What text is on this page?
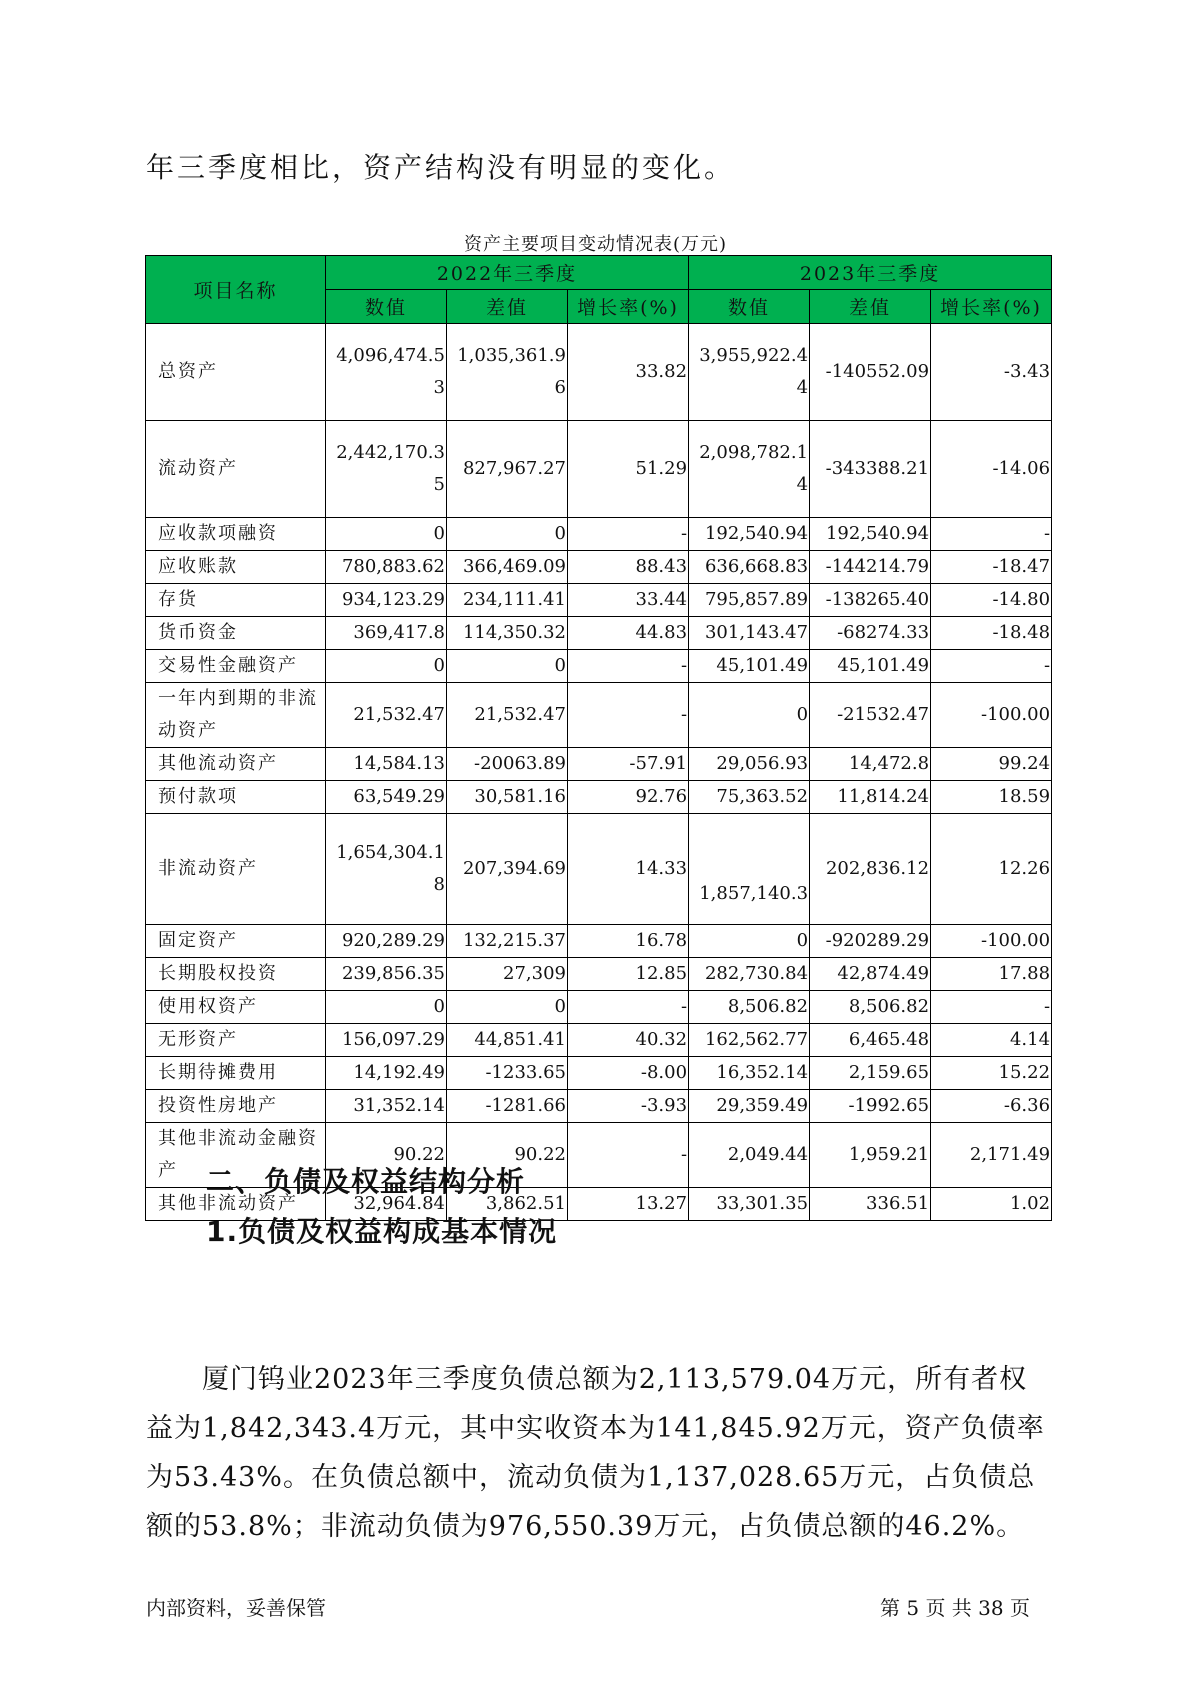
年三季度相比，资产结构没有明显的变化。
资产主要项目变动情况表(万元)
项目名称	2022年三季度			2023年三季度		
	数值	差值	增长率(%)	数值	差值	增长率(%)
总资产	4,096,474.53	1,035,361.96	33.82	3,955,922.44	-140552.09	-3.43
流动资产	2,442,170.35	827,967.27	51.29	2,098,782.14	-343388.21	-14.06
应收款项融资	0	0	-	192,540.94	192,540.94	-
应收账款	780,883.62	366,469.09	88.43	636,668.83	-144214.79	-18.47
存货	934,123.29	234,111.41	33.44	795,857.89	-138265.40	-14.80
货币资金	369,417.8	114,350.32	44.83	301,143.47	-68274.33	-18.48
交易性金融资产	0	0	-	45,101.49	45,101.49	-
一年内到期的非流动资产	21,532.47	21,532.47	-	0	-21532.47	-100.00
其他流动资产	14,584.13	-20063.89	-57.91	29,056.93	14,472.8	99.24
预付款项	63,549.29	30,581.16	92.76	75,363.52	11,814.24	18.59
非流动资产	1,654,304.18	207,394.69	14.33	1,857,140.3	202,836.12	12.26
固定资产	920,289.29	132,215.37	16.78	0	-920289.29	-100.00
长期股权投资	239,856.35	27,309	12.85	282,730.84	42,874.49	17.88
使用权资产	0	0	-	8,506.82	8,506.82	-
无形资产	156,097.29	44,851.41	40.32	162,562.77	6,465.48	4.14
长期待摊费用	14,192.49	-1233.65	-8.00	16,352.14	2,159.65	15.22
投资性房地产	31,352.14	-1281.66	-3.93	29,359.49	-1992.65	-6.36
其他非流动金融资产	90.22	90.22	-	2,049.44	1,959.21	2,171.49
其他非流动资产	32,964.84	3,862.51	13.27	33,301.35	336.51	1.02
二、负债及权益结构分析
1.负债及权益构成基本情况
厦门钨业2023年三季度负债总额为2,113,579.04万元，所有者权益为1,842,343.4万元，其中实收资本为141,845.92万元，资产负债率为53.43%。在负债总额中，流动负债为1,137,028.65万元，占负债总额的53.8%；非流动负债为976,550.39万元，占负债总额的46.2%。
内部资料，妥善保管	第 5 页 共 38 页
